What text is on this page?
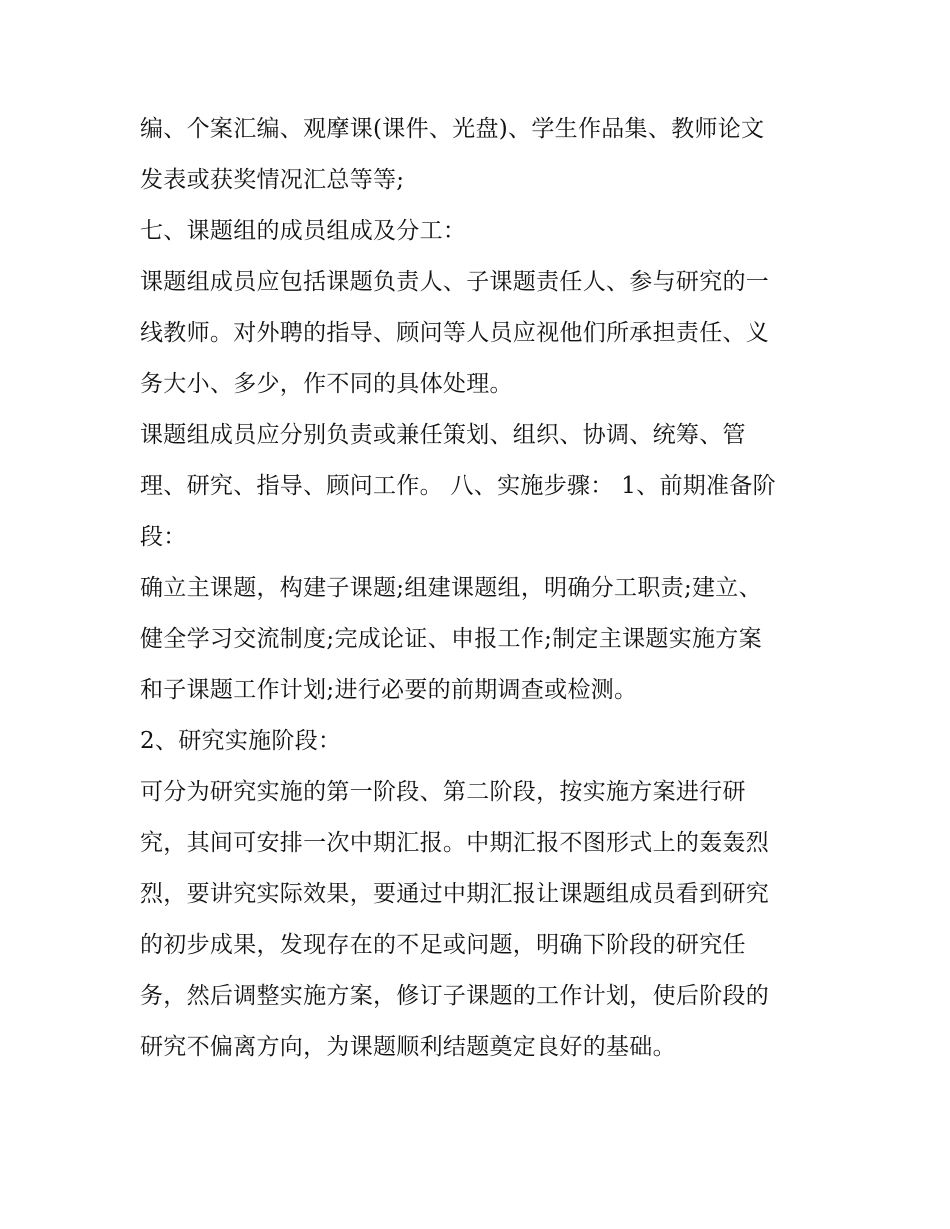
编、个案汇编、观摩课(课件、光盘)、学生作品集、教师论文
发表或获奖情况汇总等等;
七、课题组的成员组成及分工：
课题组成员应包括课题负责人、子课题责任人、参与研究的一
线教师。对外聘的指导、顾问等人员应视他们所承担责任、义
务大小、多少，作不同的具体处理。
课题组成员应分别负责或兼任策划、组织、协调、统筹、管
理、研究、指导、顾问工作。 八、实施步骤： 1、前期准备阶
段：
确立主课题，构建子课题;组建课题组，明确分工职责;建立、
健全学习交流制度;完成论证、申报工作;制定主课题实施方案
和子课题工作计划;进行必要的前期调查或检测。
2、研究实施阶段：
可分为研究实施的第一阶段、第二阶段，按实施方案进行研
究，其间可安排一次中期汇报。中期汇报不图形式上的轰轰烈
烈，要讲究实际效果，要通过中期汇报让课题组成员看到研究
的初步成果，发现存在的不足或问题，明确下阶段的研究任
务，然后调整实施方案，修订子课题的工作计划，使后阶段的
研究不偏离方向，为课题顺利结题奠定良好的基础。
